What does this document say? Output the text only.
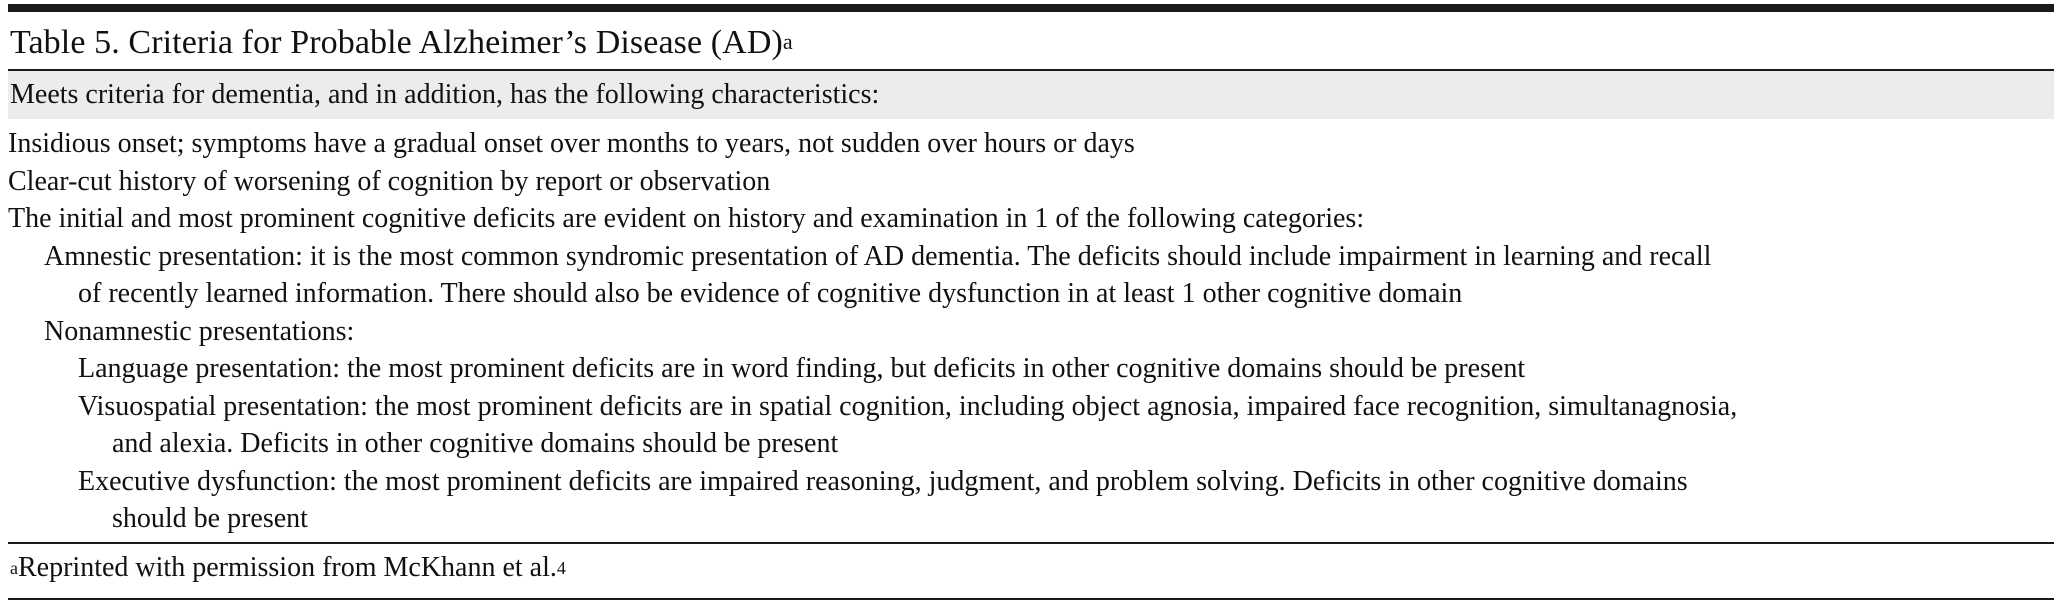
Table 5. Criteria for Probable Alzheimer’s Disease (AD)$^a$
Meets criteria for dementia, and in addition, has the following characteristics:
Insidious onset; symptoms have a gradual onset over months to years, not sudden over hours or days
Clear-cut history of worsening of cognition by report or observation
The initial and most prominent cognitive deficits are evident on history and examination in 1 of the following categories:
Amnestic presentation: it is the most common syndromic presentation of AD dementia. The deficits should include impairment in learning and recall
of recently learned information. There should also be evidence of cognitive dysfunction in at least 1 other cognitive domain
Nonamnestic presentations:
Language presentation: the most prominent deficits are in word finding, but deficits in other cognitive domains should be present
Visuospatial presentation: the most prominent deficits are in spatial cognition, including object agnosia, impaired face recognition, simultanagnosia,
and alexia. Deficits in other cognitive domains should be present
Executive dysfunction: the most prominent deficits are impaired reasoning, judgment, and problem solving. Deficits in other cognitive domains
should be present
$^a$Reprinted with permission from McKhann et al.$^4$
